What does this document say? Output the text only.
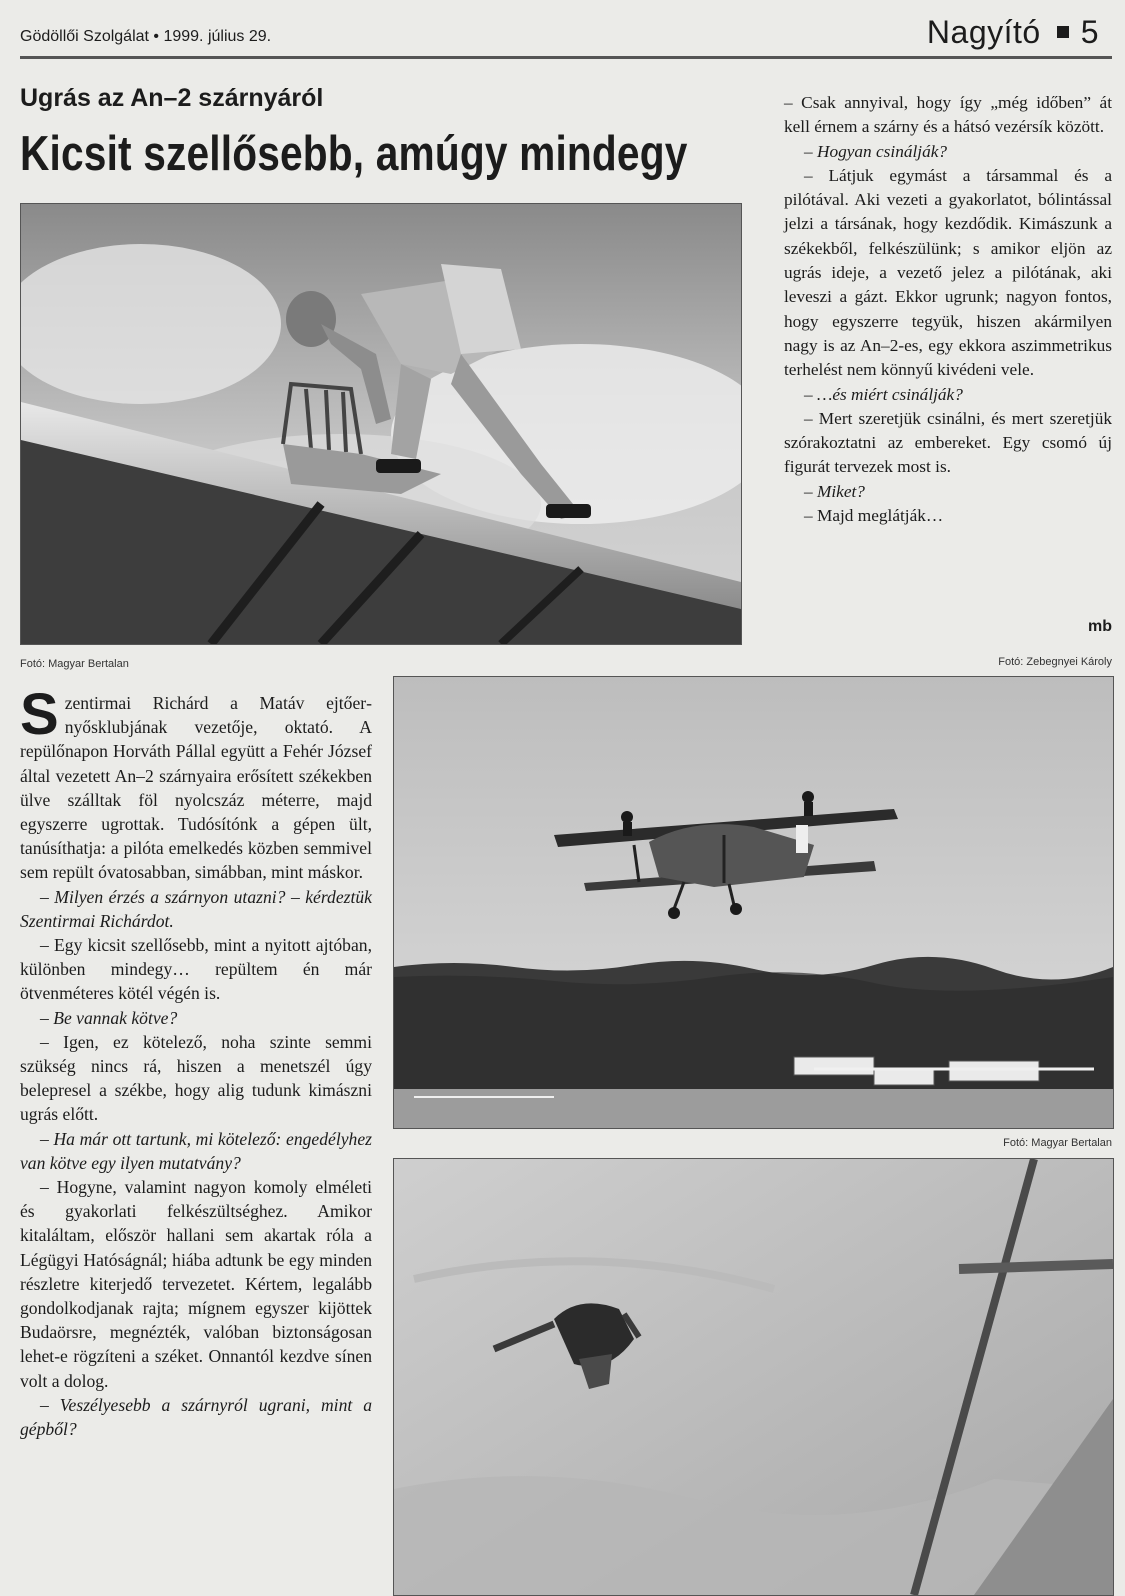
Gödöllői Szolgálat • 1999. július 29.	Nagyító 5
Ugrás az An–2 szárnyáról
Kicsit szellősebb, amúgy mindegy
Fotó: Magyar Bertalan

– Csak annyival, hogy így „még időben” át kell érnem a szárny és a hátsó vezérsík között.

– Hogyan csinálják?

– Látjuk egymást a társammal és a pilótával. Aki vezeti a gyakorlatot, bólintással jelzi a társának, hogy kezdődik. Kimászunk a székekből, felkészülünk; s amikor eljön az ugrás ideje, a vezető jelez a pilótának, aki leveszi a gázt. Ekkor ugrunk; nagyon fontos, hogy egyszerre tegyük, hiszen akármilyen nagy is az An–2-es, egy ekkora aszimmetrikus terhelést nem könnyű kivédeni vele.

– …és miért csinálják?

– Mert szeretjük csinálni, és mert szeretjük szórakoztatni az embereket. Egy csomó új figurát tervezek most is.

– Miket?

– Majd meglátják…

mb
Fotó: Zebegnyei Károly
Fotó: Magyar Bertalan

Szentirmai Richárd a Matáv ejtőernyősklubjának vezetője, oktató. A repülőnapon Horváth Pállal együtt a Fehér József által vezetett An–2 szárnyaira erősített székekben ülve szálltak föl nyolcszáz méterre, majd egyszerre ugrottak. Tudósítónk a gépen ült, tanúsíthatja: a pilóta emelkedés közben semmivel sem repült óvatosabban, simábban, mint máskor.

– Milyen érzés a szárnyon utazni? – kérdeztük Szentirmai Richárdot.

– Egy kicsit szellősebb, mint a nyitott ajtóban, különben mindegy… repültem én már ötvenméteres kötél végén is.

– Be vannak kötve?

– Igen, ez kötelező, noha szinte semmi szükség nincs rá, hiszen a menetszél úgy belepresel a székbe, hogy alig tudunk kimászni ugrás előtt.

– Ha már ott tartunk, mi kötelező: engedélyhez van kötve egy ilyen mutatvány?

– Hogyne, valamint nagyon komoly elméleti és gyakorlati felkészültséghez. Amikor kitaláltam, először hallani sem akartak róla a Légügyi Hatóságnál; hiába adtunk be egy minden részletre kiterjedő tervezetet. Kértem, legalább gondolkodjanak rajta; mígnem egyszer kijöttek Budaörsre, megnézték, valóban biztonságosan lehet-e rögzíteni a széket. Onnantól kezdve sínen volt a dolog.

– Veszélyesebb a szárnyról ugrani, mint a gépből?
